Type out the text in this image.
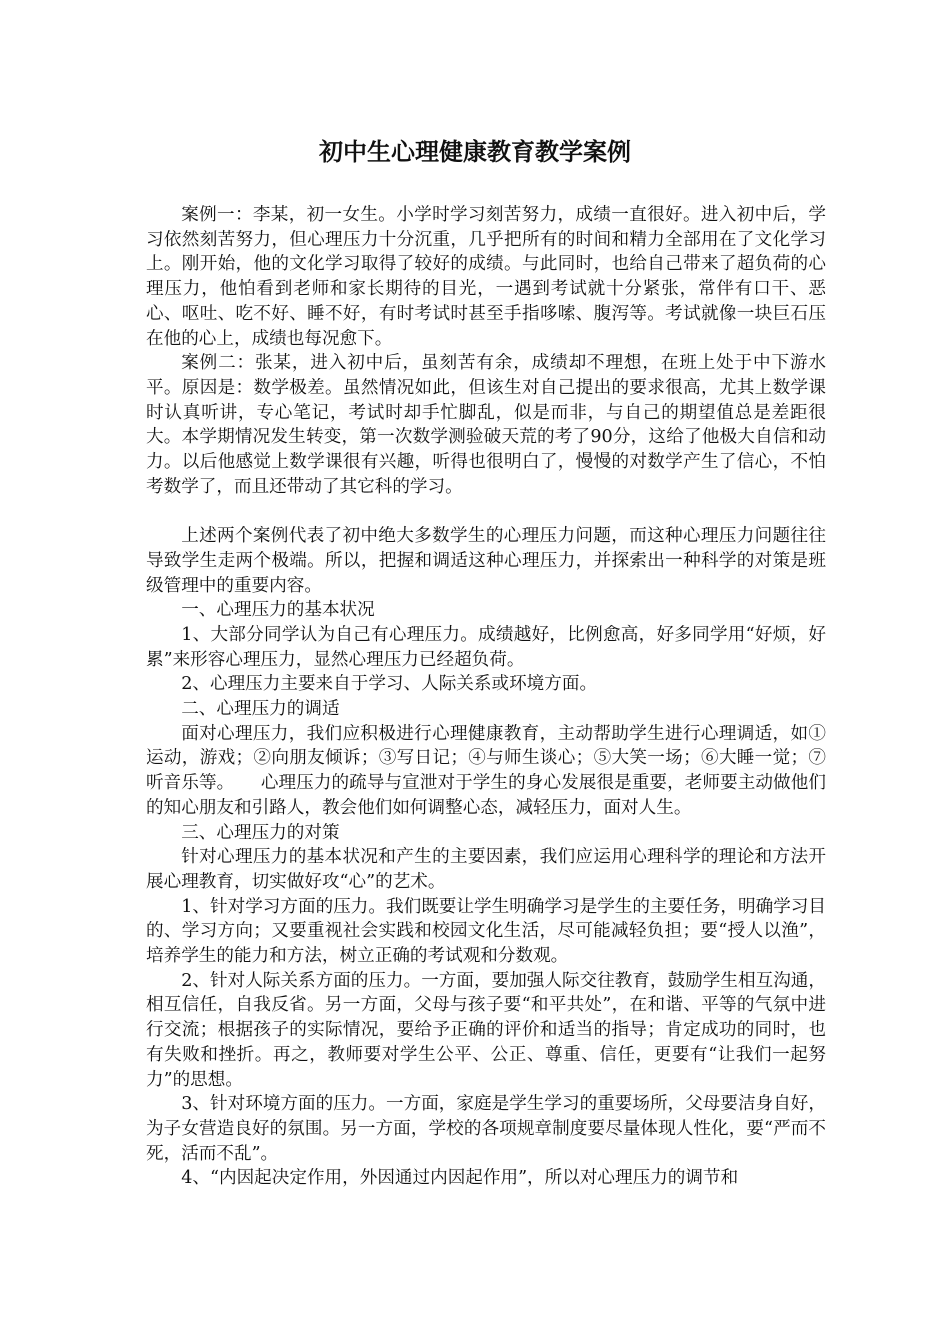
初中生心理健康教育教学案例

案例一：李某，初一女生。小学时学习刻苦努力，成绩一直很好。进入初中后，学习依然刻苦努力，但心理压力十分沉重，几乎把所有的时间和精力全部用在了文化学习上。刚开始，他的文化学习取得了较好的成绩。与此同时，也给自己带来了超负荷的心理压力，他怕看到老师和家长期待的目光，一遇到考试就十分紧张，常伴有口干、恶心、呕吐、吃不好、睡不好，有时考试时甚至手指哆嗦、腹泻等。考试就像一块巨石压在他的心上，成绩也每况愈下。

案例二：张某，进入初中后，虽刻苦有余，成绩却不理想，在班上处于中下游水平。原因是：数学极差。虽然情况如此，但该生对自己提出的要求很高，尤其上数学课时认真听讲，专心笔记，考试时却手忙脚乱，似是而非，与自己的期望值总是差距很大。本学期情况发生转变，第一次数学测验破天荒的考了90分，这给了他极大自信和动力。以后他感觉上数学课很有兴趣，听得也很明白了，慢慢的对数学产生了信心，不怕考数学了，而且还带动了其它科的学习。

上述两个案例代表了初中绝大多数学生的心理压力问题，而这种心理压力问题往往导致学生走两个极端。所以，把握和调适这种心理压力，并探索出一种科学的对策是班级管理中的重要内容。

一、心理压力的基本状况

1、大部分同学认为自己有心理压力。成绩越好，比例愈高，好多同学用“好烦，好累”来形容心理压力，显然心理压力已经超负荷。

2、心理压力主要来自于学习、人际关系或环境方面。

二、心理压力的调适

面对心理压力，我们应积极进行心理健康教育，主动帮助学生进行心理调适，如①运动，游戏；②向朋友倾诉；③写日记；④与师生谈心；⑤大笑一场；⑥大睡一觉；⑦听音乐等。　　心理压力的疏导与宣泄对于学生的身心发展很是重要，老师要主动做他们的知心朋友和引路人，教会他们如何调整心态，减轻压力，面对人生。

三、心理压力的对策

针对心理压力的基本状况和产生的主要因素，我们应运用心理科学的理论和方法开展心理教育，切实做好攻“心”的艺术。

1、针对学习方面的压力。我们既要让学生明确学习是学生的主要任务，明确学习目的、学习方向；又要重视社会实践和校园文化生活，尽可能减轻负担；要“授人以渔”，培养学生的能力和方法，树立正确的考试观和分数观。

2、针对人际关系方面的压力。一方面，要加强人际交往教育，鼓励学生相互沟通，相互信任，自我反省。另一方面，父母与孩子要“和平共处”，在和谐、平等的气氛中进行交流；根据孩子的实际情况，要给予正确的评价和适当的指导；肯定成功的同时，也有失败和挫折。再之，教师要对学生公平、公正、尊重、信任，更要有“让我们一起努力”的思想。

3、针对环境方面的压力。一方面，家庭是学生学习的重要场所，父母要洁身自好，为子女营造良好的氛围。另一方面，学校的各项规章制度要尽量体现人性化，要“严而不死，活而不乱”。

4、“内因起决定作用，外因通过内因起作用”，所以对心理压力的调节和
